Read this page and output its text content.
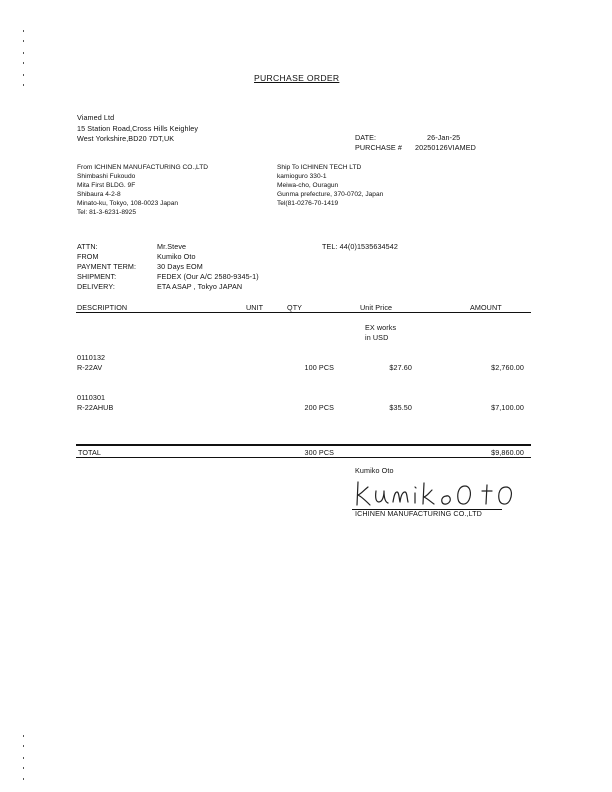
PURCHASE ORDER
Viamed Ltd
15 Station Road,Cross Hills Keighley
West Yorkshire,BD20 7DT,UK	DATE:	26-Jan-25
PURCHASE # 20250126VIAMED
From ICHINEN MANUFACTURING CO.,LTD
Shimbashi Fukoudo
Mita First BLDG. 9F
Shibaura 4-2-8
Minato-ku, Tokyo, 108-0023 Japan
Tel: 81-3-6231-8925
Ship To ICHINEN TECH LTD
kamioguro 330-1
Meiwa-cho, Ouragun
Gunma prefecture, 370-0702, Japan
Tel(81-0276-70-1419
ATTN:	Mr.Steve	TEL: 44(0)1535634542
FROM	Kumiko Oto
PAYMENT TERM:	30 Days EOM
SHIPMENT:	FEDEX (Our A/C 2580-9345-1)
DELIVERY:	ETA ASAP , Tokyo JAPAN
DESCRIPTION	UNIT	QTY	Unit Price	AMOUNT
EX works
in USD
0110132
R-22AV	100 PCS	$27.60	$2,760.00
0110301
R-22AHUB	200 PCS	$35.50	$7,100.00
TOTAL	300 PCS	$9,860.00
Kumiko Oto
ICHINEN MANUFACTURING CO.,LTD
